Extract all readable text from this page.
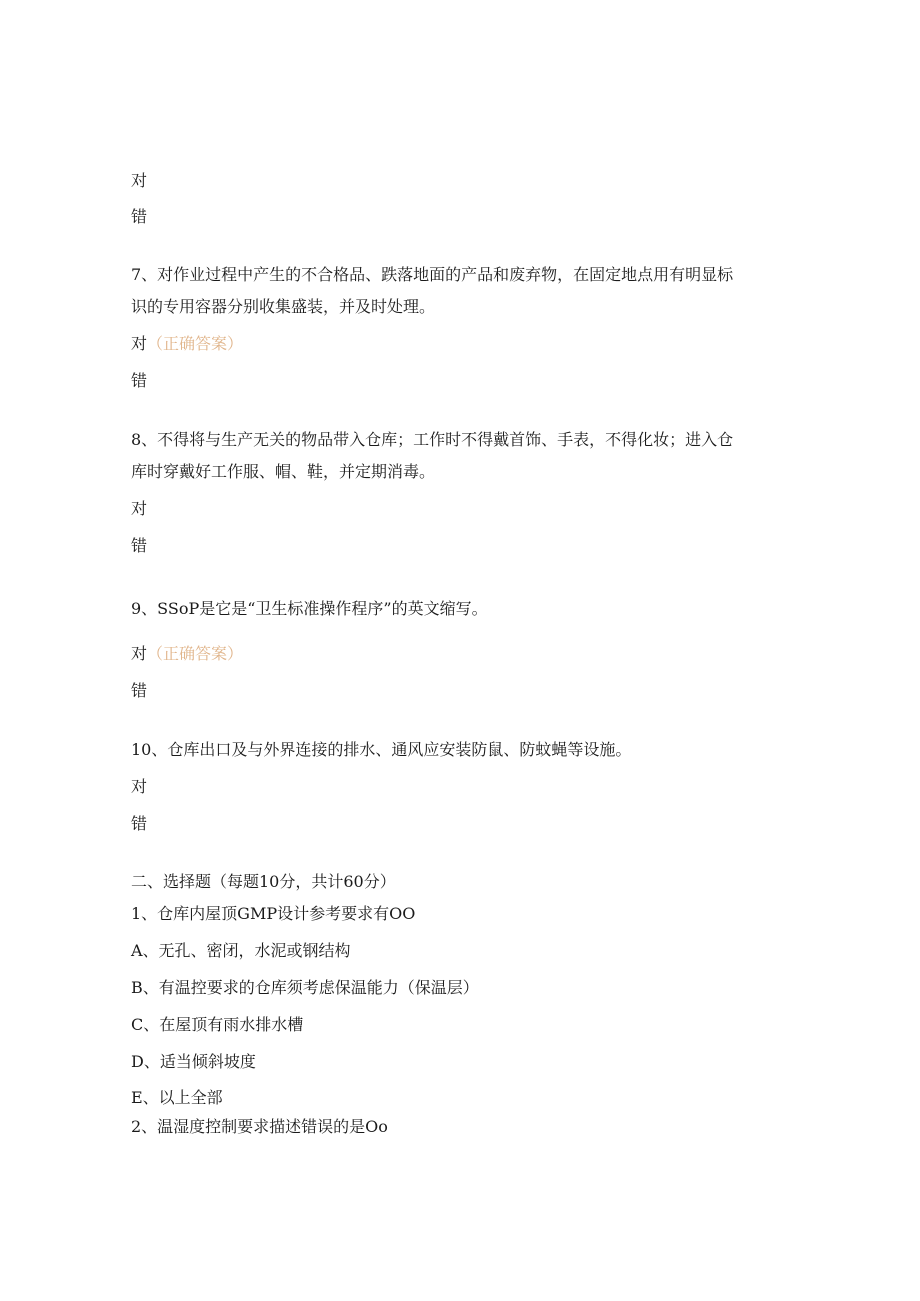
对
错
7、对作业过程中产生的不合格品、跌落地面的产品和废弃物，在固定地点用有明显标
识的专用容器分别收集盛装，并及时处理。
对（正确答案）
错
8、不得将与生产无关的物品带入仓库；工作时不得戴首饰、手表，不得化妆；进入仓
库时穿戴好工作服、帽、鞋，并定期消毒。
对
错
9、SSoP是它是“卫生标准操作程序”的英文缩写。
对（正确答案）
错
10、仓库出口及与外界连接的排水、通风应安装防鼠、防蚊蝇等设施。
对
错
二、选择题（每题10分，共计60分）
1、仓库内屋顶GMP设计参考要求有OO
A、无孔、密闭，水泥或钢结构
B、有温控要求的仓库须考虑保温能力（保温层）
C、在屋顶有雨水排水槽
D、适当倾斜坡度
E、以上全部
2、温湿度控制要求描述错误的是Oo
